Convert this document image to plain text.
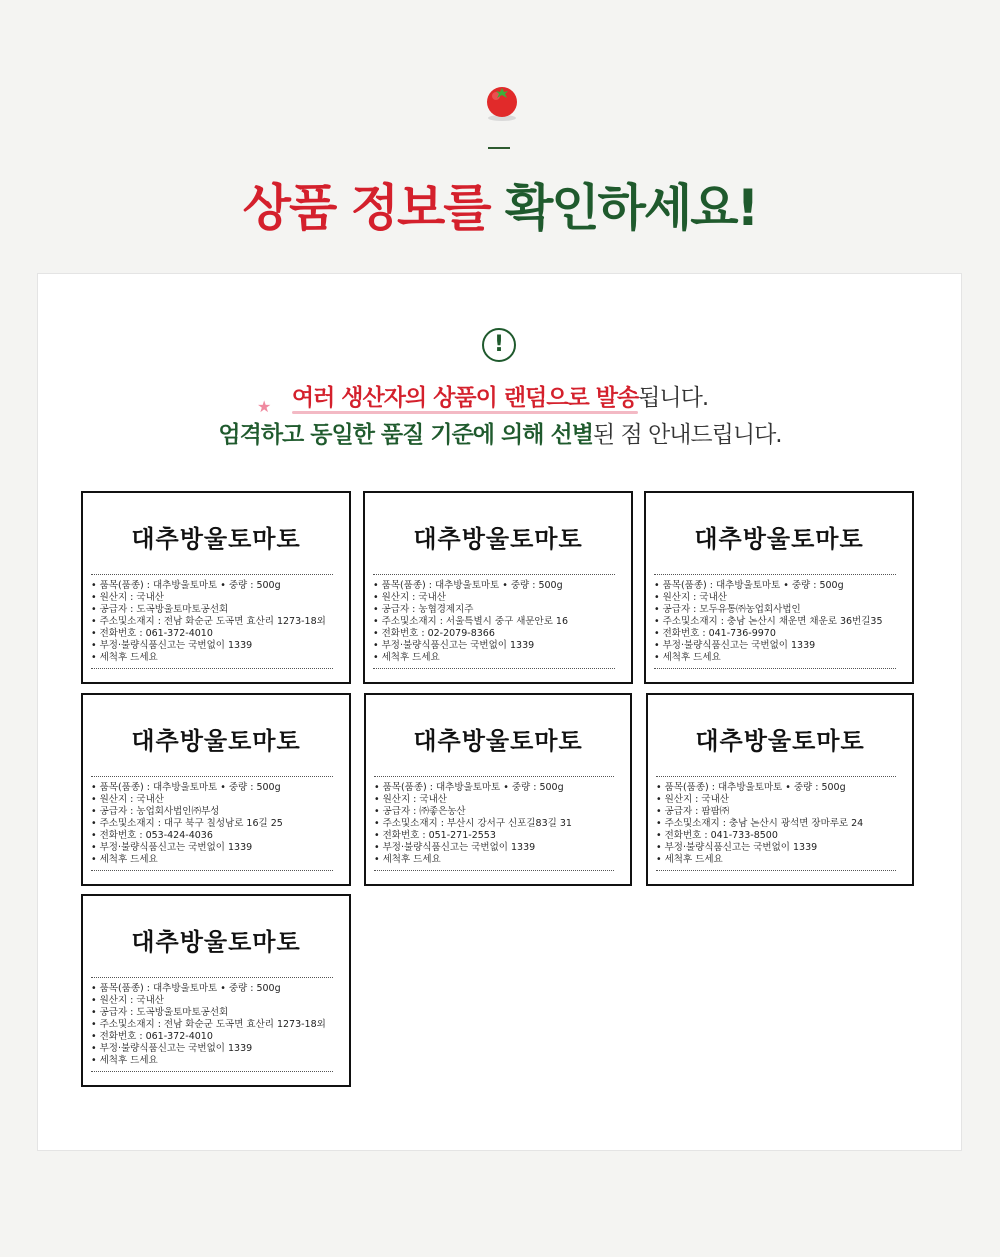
상품 정보를 확인하세요!
!
★ 여러 생산자의 상품이 랜덤으로 발송됩니다.
엄격하고 동일한 품질 기준에 의해 선별된 점 안내드립니다.
대추방울토마토
• 품목(품종) : 대추방울토마토 • 중량 : 500g
• 원산지 : 국내산
• 공급자 : 도곡방울토마토공선회
• 주소및소재지 : 전남 화순군 도곡면 효산리 1273-18외
• 전화번호 : 061-372-4010
• 부정·불량식품신고는 국번없이 1339
• 세척후 드세요
대추방울토마토
• 품목(품종) : 대추방울토마토 • 중량 : 500g
• 원산지 : 국내산
• 공급자 : 농협경제지주
• 주소및소재지 : 서울특별시 중구 새문안로 16
• 전화번호 : 02-2079-8366
• 부정·불량식품신고는 국번없이 1339
• 세척후 드세요
대추방울토마토
• 품목(품종) : 대추방울토마토 • 중량 : 500g
• 원산지 : 국내산
• 공급자 : 모두유통㈜농업회사법인
• 주소및소재지 : 충남 논산시 채운면 채운로 36번길35
• 전화번호 : 041-736-9970
• 부정·불량식품신고는 국번없이 1339
• 세척후 드세요
대추방울토마토
• 품목(품종) : 대추방울토마토 • 중량 : 500g
• 원산지 : 국내산
• 공급자 : 농업회사법인㈜부성
• 주소및소재지 : 대구 북구 칠성남로 16길 25
• 전화번호 : 053-424-4036
• 부정·불량식품신고는 국번없이 1339
• 세척후 드세요
대추방울토마토
• 품목(품종) : 대추방울토마토 • 중량 : 500g
• 원산지 : 국내산
• 공급자 : ㈜좋은농산
• 주소및소재지 : 부산시 강서구 신포길83길 31
• 전화번호 : 051-271-2553
• 부정·불량식품신고는 국번없이 1339
• 세척후 드세요
대추방울토마토
• 품목(품종) : 대추방울토마토 • 중량 : 500g
• 원산지 : 국내산
• 공급자 : 팜팜㈜
• 주소및소재지 : 충남 논산시 광석면 장마루로 24
• 전화번호 : 041-733-8500
• 부정·불량식품신고는 국번없이 1339
• 세척후 드세요
대추방울토마토
• 품목(품종) : 대추방울토마토 • 중량 : 500g
• 원산지 : 국내산
• 공급자 : 도곡방울토마토공선회
• 주소및소재지 : 전남 화순군 도곡면 효산리 1273-18외
• 전화번호 : 061-372-4010
• 부정·불량식품신고는 국번없이 1339
• 세척후 드세요
